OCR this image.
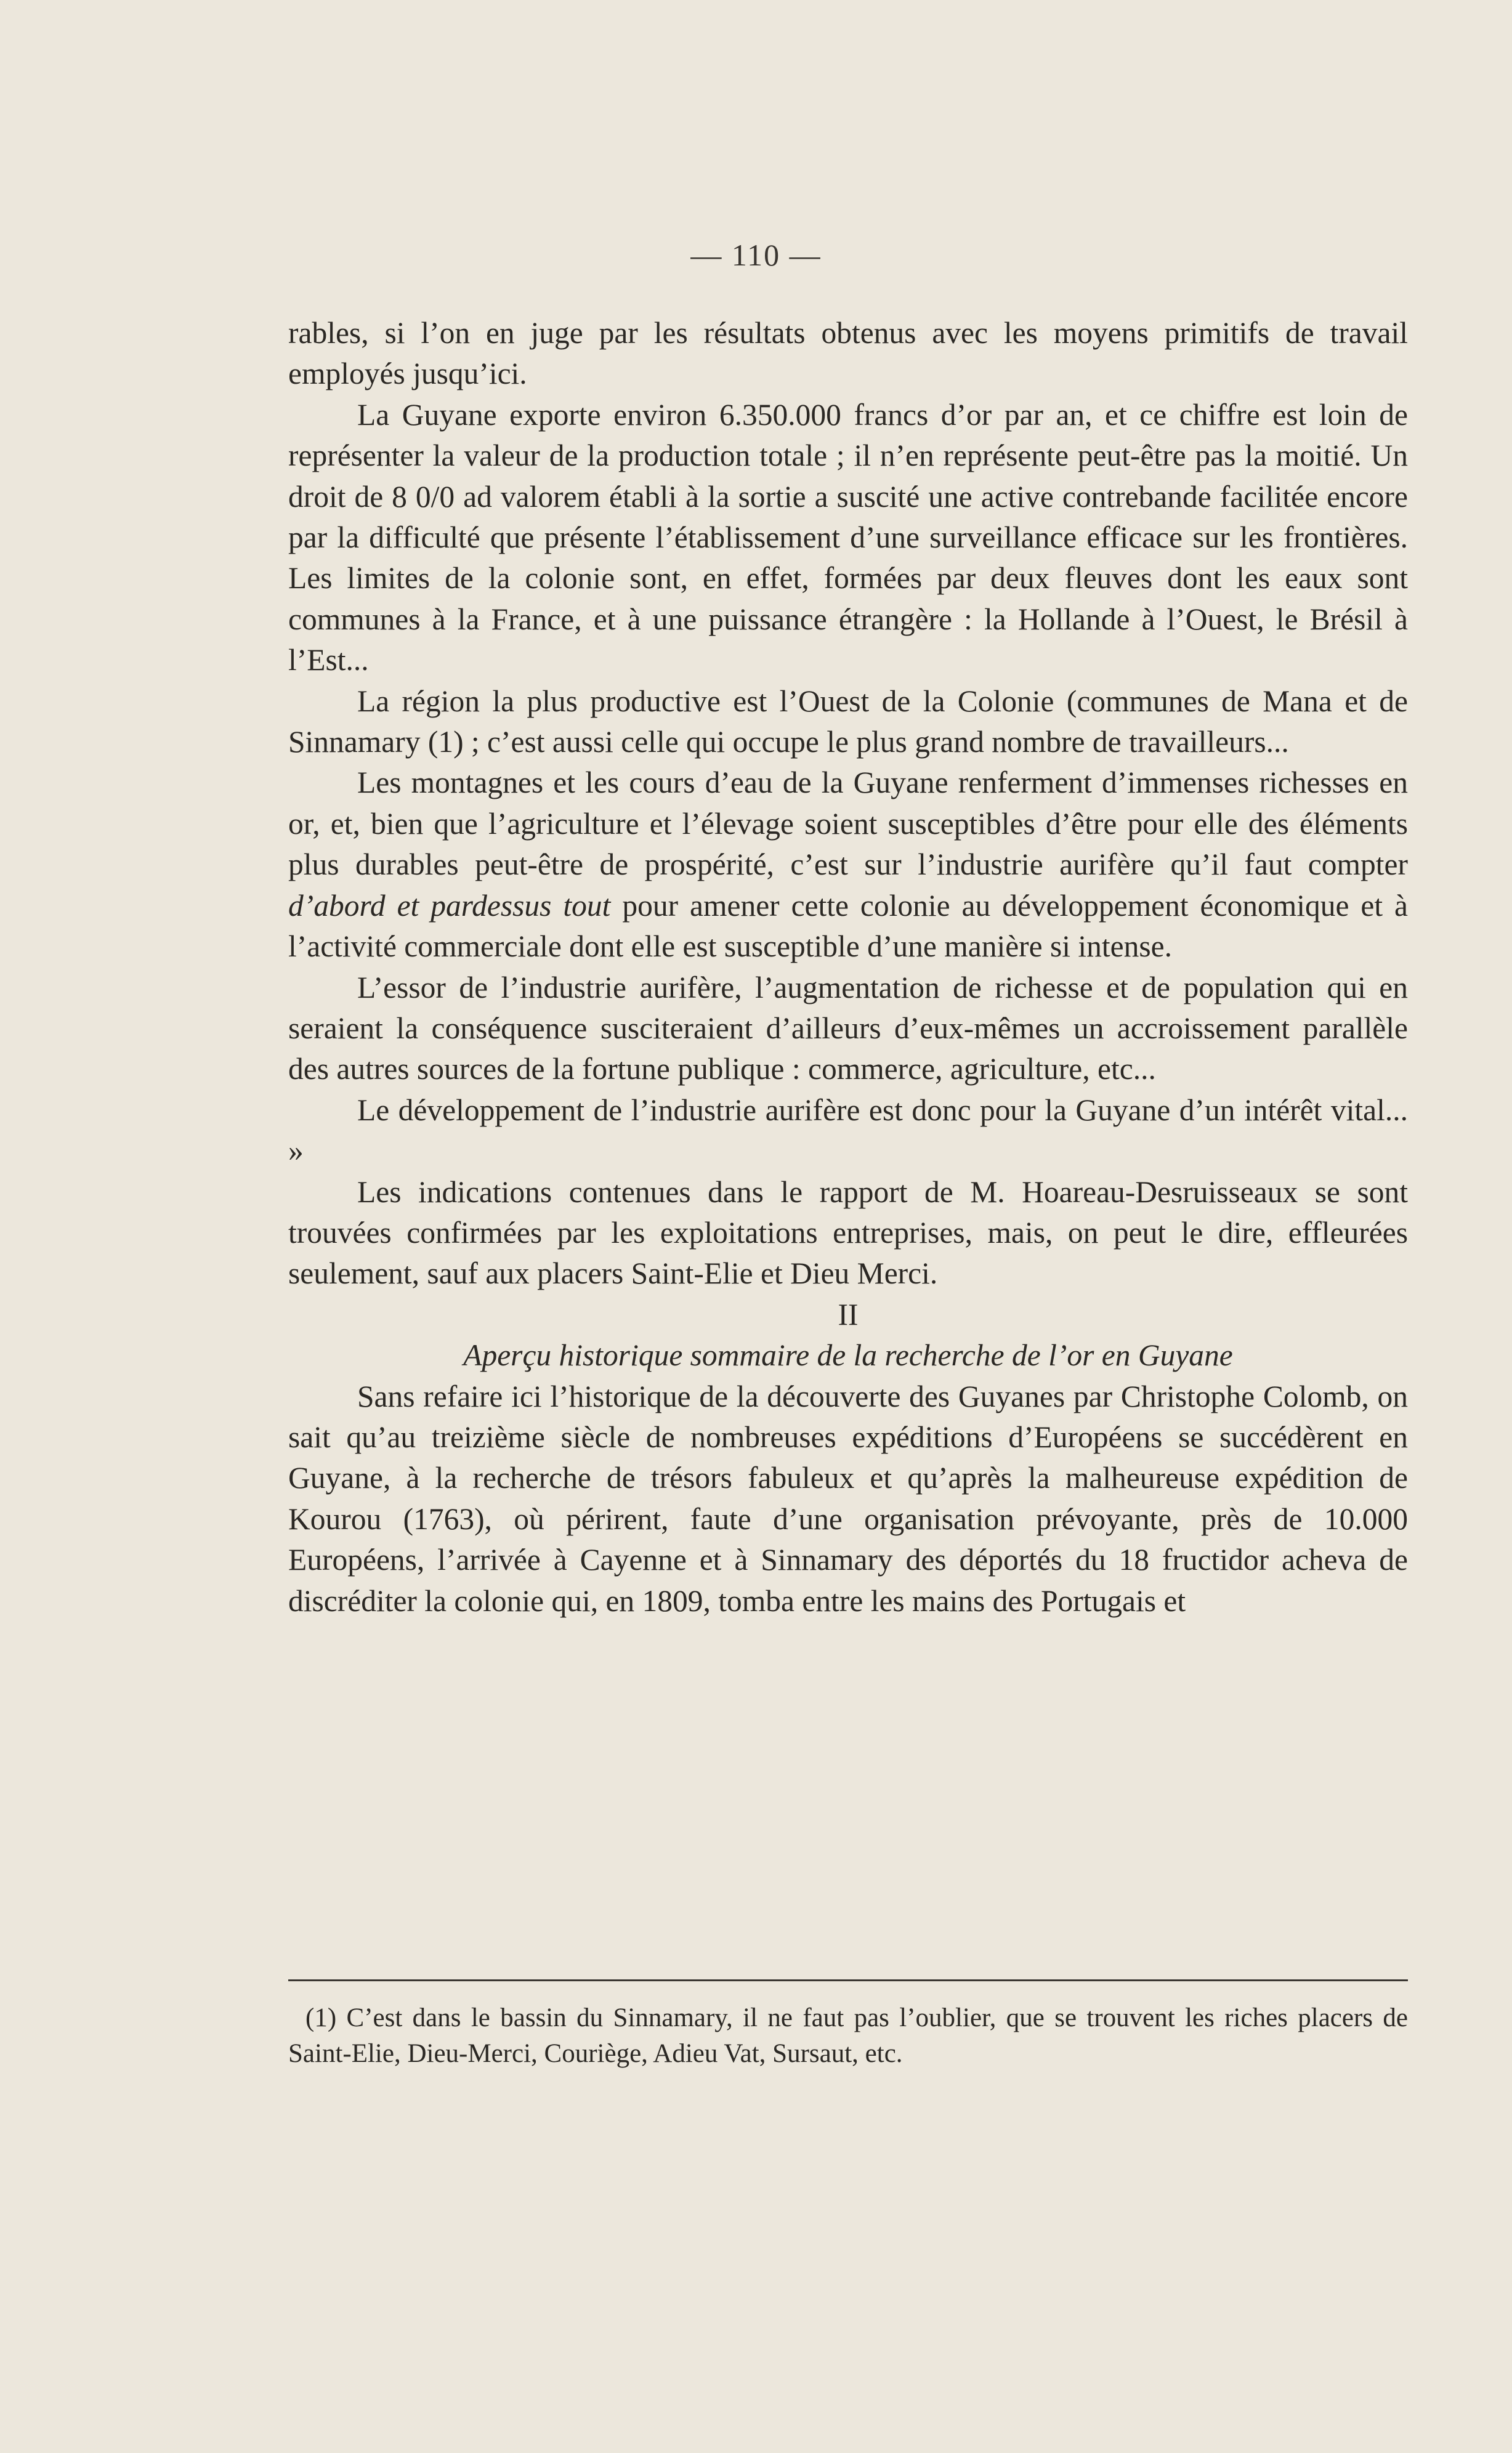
— 110 —

rables, si l’on en juge par les résultats obtenus avec les moyens primitifs de travail employés jusqu’ici.

La Guyane exporte environ 6.350.000 francs d’or par an, et ce chiffre est loin de représenter la valeur de la production totale ; il n’en représente peut-être pas la moitié. Un droit de 8 0/0 ad valorem établi à la sortie a suscité une active contrebande facilitée encore par la difficulté que présente l’établissement d’une surveillance efficace sur les frontières. Les limites de la colonie sont, en effet, formées par deux fleuves dont les eaux sont communes à la France, et à une puissance étrangère : la Hollande à l’Ouest, le Brésil à l’Est...

La région la plus productive est l’Ouest de la Colonie (communes de Mana et de Sinnamary (1) ; c’est aussi celle qui occupe le plus grand nombre de travailleurs...

Les montagnes et les cours d’eau de la Guyane renferment d’immenses richesses en or, et, bien que l’agriculture et l’élevage soient susceptibles d’être pour elle des éléments plus durables peut-être de prospérité, c’est sur l’industrie aurifère qu’il faut compter d’abord et pardessus tout pour amener cette colonie au développement économique et à l’activité commerciale dont elle est susceptible d’une manière si intense.

L’essor de l’industrie aurifère, l’augmentation de richesse et de population qui en seraient la conséquence susciteraient d’ailleurs d’eux-mêmes un accroissement parallèle des autres sources de la fortune publique : commerce, agriculture, etc...

Le développement de l’industrie aurifère est donc pour la Guyane d’un intérêt vital... »

Les indications contenues dans le rapport de M. Hoareau-Desruisseaux se sont trouvées confirmées par les exploitations entreprises, mais, on peut le dire, effleurées seulement, sauf aux placers Saint-Elie et Dieu Merci.

II

Aperçu historique sommaire de la recherche de l’or en Guyane

Sans refaire ici l’historique de la découverte des Guyanes par Christophe Colomb, on sait qu’au treizième siècle de nombreuses expéditions d’Européens se succédèrent en Guyane, à la recherche de trésors fabuleux et qu’après la malheureuse expédition de Kourou (1763), où périrent, faute d’une organisation prévoyante, près de 10.000 Européens, l’arrivée à Cayenne et à Sinnamary des déportés du 18 fructidor acheva de discréditer la colonie qui, en 1809, tomba entre les mains des Portugais et

(1) C’est dans le bassin du Sinnamary, il ne faut pas l’oublier, que se trouvent les riches placers de Saint-Elie, Dieu-Merci, Couriège, Adieu Vat, Sursaut, etc.
